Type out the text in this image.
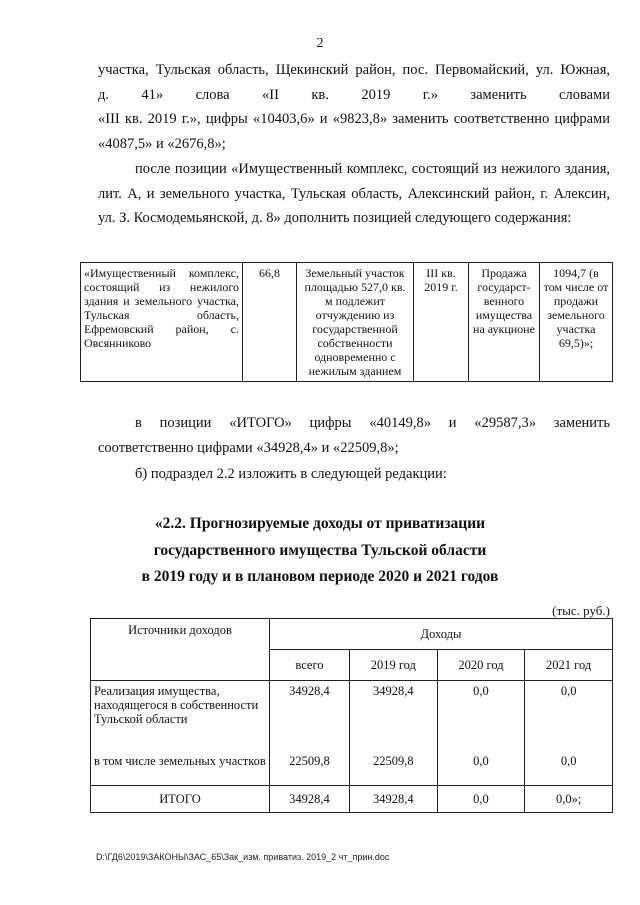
2
участка, Тульская область, Щекинский район, пос. Первомайский, ул. Южная,
д. 41» слова «II кв. 2019 г.» заменить словами
«III кв. 2019 г.», цифры «10403,6» и «9823,8» заменить соответственно цифрами
«4087,5» и «2676,8»;
после позиции «Имущественный комплекс, состоящий из нежилого здания, лит. А, и земельного участка, Тульская область, Алексинский район, г. Алексин, ул. З. Космодемьянской, д. 8» дополнить позицией следующего содержания:
«Имущественный комплекс, состоящий из нежилого здания и земельного участка, Тульская область, Ефремовский район, с. Овсянниково	66,8	Земельный участок площадью 527,0 кв. м подлежит отчуждению из государственной собственности одновременно с нежилым зданием	III кв. 2019 г.	Продажа государст-венного имущества на аукционе	1094,7 (в том числе от продажи земельного участка 69,5)»;
в позиции «ИТОГО» цифры «40149,8» и «29587,3» заменить
соответственно цифрами «34928,4» и «22509,8»;
б) подраздел 2.2 изложить в следующей редакции:
«2.2. Прогнозируемые доходы от приватизации
государственного имущества Тульской области
в 2019 году и в плановом периоде 2020 и 2021 годов
(тыс. руб.)
Источники доходов	Доходы			
	всего	2019 год	2020 год	2021 год
Реализация имущества, находящегося в собственности Тульской области	34928,4	34928,4	0,0	0,0
в том числе земельных участков	22509,8	22509,8	0,0	0,0
ИТОГО	34928,4	34928,4	0,0	0,0»;
D:\ГД6\2019\ЗАКОНЫ\ЗАС_65\Зак_изм. приватиз. 2019_2 чт_прин.doc
